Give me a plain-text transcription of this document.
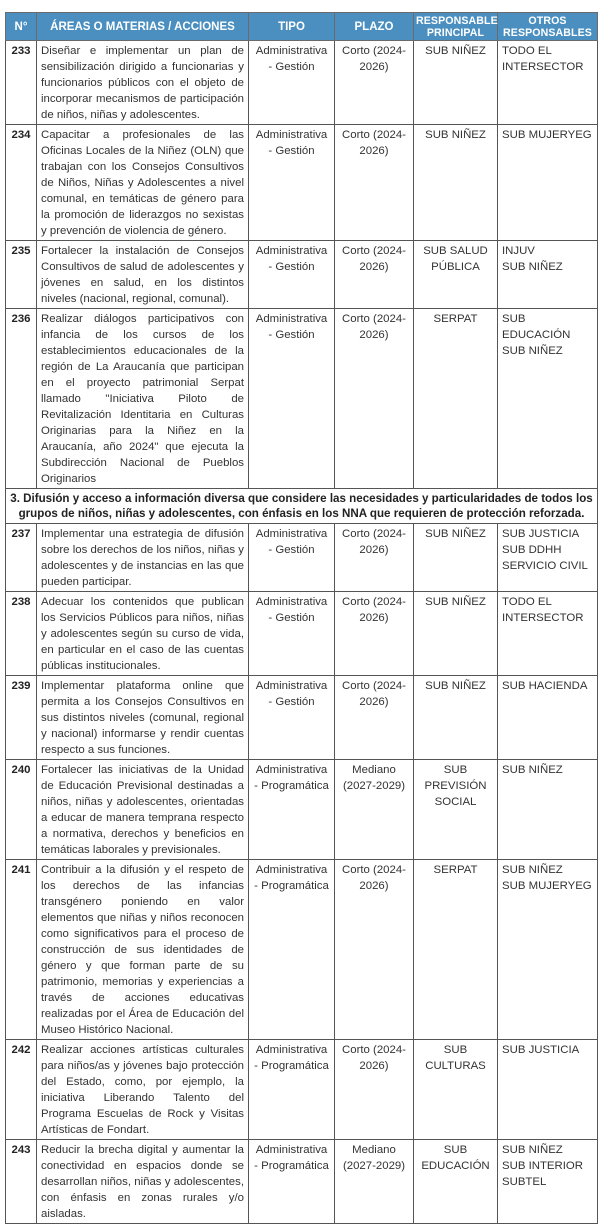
N°	ÁREAS O MATERIAS / ACCIONES	TIPO	PLAZO	RESPONSABLE PRINCIPAL	OTROS RESPONSABLES
233	Diseñar e implementar un plan de sensibilización dirigido a funcionarias y funcionarios públicos con el objeto de incorporar mecanismos de participación de niños, niñas y adolescentes.	Administrativa - Gestión	Corto (2024-2026)	SUB NIÑEZ	TODO EL INTERSECTOR

234	Capacitar a profesionales de las Oficinas Locales de la Niñez (OLN) que trabajan con los Consejos Consultivos de Niños, Niñas y Adolescentes a nivel comunal, en temáticas de género para la promoción de liderazgos no sexistas y prevención de violencia de género.	Administrativa - Gestión	Corto (2024-2026)	SUB NIÑEZ	SUB MUJERYEG

235	Fortalecer la instalación de Consejos Consultivos de salud de adolescentes y jóvenes en salud, en los distintos niveles (nacional, regional, comunal).	Administrativa - Gestión	Corto (2024-2026)	SUB SALUD PÚBLICA	INJUV
SUB NIÑEZ

236	Realizar diálogos participativos con infancia de los cursos de los establecimientos educacionales de la región de La Araucanía que participan en el proyecto patrimonial Serpat llamado "Iniciativa Piloto de Revitalización Identitaria en Culturas Originarias para la Niñez en la Araucanía, año 2024" que ejecuta la Subdirección Nacional de Pueblos Originarios	Administrativa - Gestión	Corto (2024-2026)	SERPAT	SUB EDUCACIÓN
SUB NIÑEZ

3. Difusión y acceso a información diversa que considere las necesidades y particularidades de todos los grupos de niños, niñas y adolescentes, con énfasis en los NNA que requieren de protección reforzada.					
237	Implementar una estrategia de difusión sobre los derechos de los niños, niñas y adolescentes y de instancias en las que pueden participar.	Administrativa - Gestión	Corto (2024-2026)	SUB NIÑEZ	SUB JUSTICIA
SUB DDHH
SERVICIO CIVIL

238	Adecuar los contenidos que publican los Servicios Públicos para niños, niñas y adolescentes según su curso de vida, en particular en el caso de las cuentas públicas institucionales.	Administrativa - Gestión	Corto (2024-2026)	SUB NIÑEZ	TODO EL INTERSECTOR

239	Implementar plataforma online que permita a los Consejos Consultivos en sus distintos niveles (comunal, regional y nacional) informarse y rendir cuentas respecto a sus funciones.	Administrativa - Gestión	Corto (2024-2026)	SUB NIÑEZ	SUB HACIENDA

240	Fortalecer las iniciativas de la Unidad de Educación Previsional destinadas a niños, niñas y adolescentes, orientadas a educar de manera temprana respecto a normativa, derechos y beneficios en temáticas laborales y previsionales.	Administrativa - Programática	Mediano (2027-2029)	SUB PREVISIÓN SOCIAL	SUB NIÑEZ

241	Contribuir a la difusión y el respeto de los derechos de las infancias transgénero poniendo en valor elementos que niñas y niños reconocen como significativos para el proceso de construcción de sus identidades de género y que forman parte de su patrimonio, memorias y experiencias a través de acciones educativas realizadas por el Área de Educación del Museo Histórico Nacional.	Administrativa - Programática	Corto (2024-2026)	SERPAT	SUB NIÑEZ
SUB MUJERYEG

242	Realizar acciones artísticas culturales para niños/as y jóvenes bajo protección del Estado, como, por ejemplo, la iniciativa Liberando Talento del Programa Escuelas de Rock y Visitas Artísticas de Fondart.	Administrativa - Programática	Corto (2024-2026)	SUB CULTURAS	SUB JUSTICIA

243	Reducir la brecha digital y aumentar la conectividad en espacios donde se desarrollan niños, niñas y adolescentes, con énfasis en zonas rurales y/o aisladas.	Administrativa - Programática	Mediano (2027-2029)	SUB EDUCACIÓN	SUB NIÑEZ
SUB INTERIOR
SUBTEL
